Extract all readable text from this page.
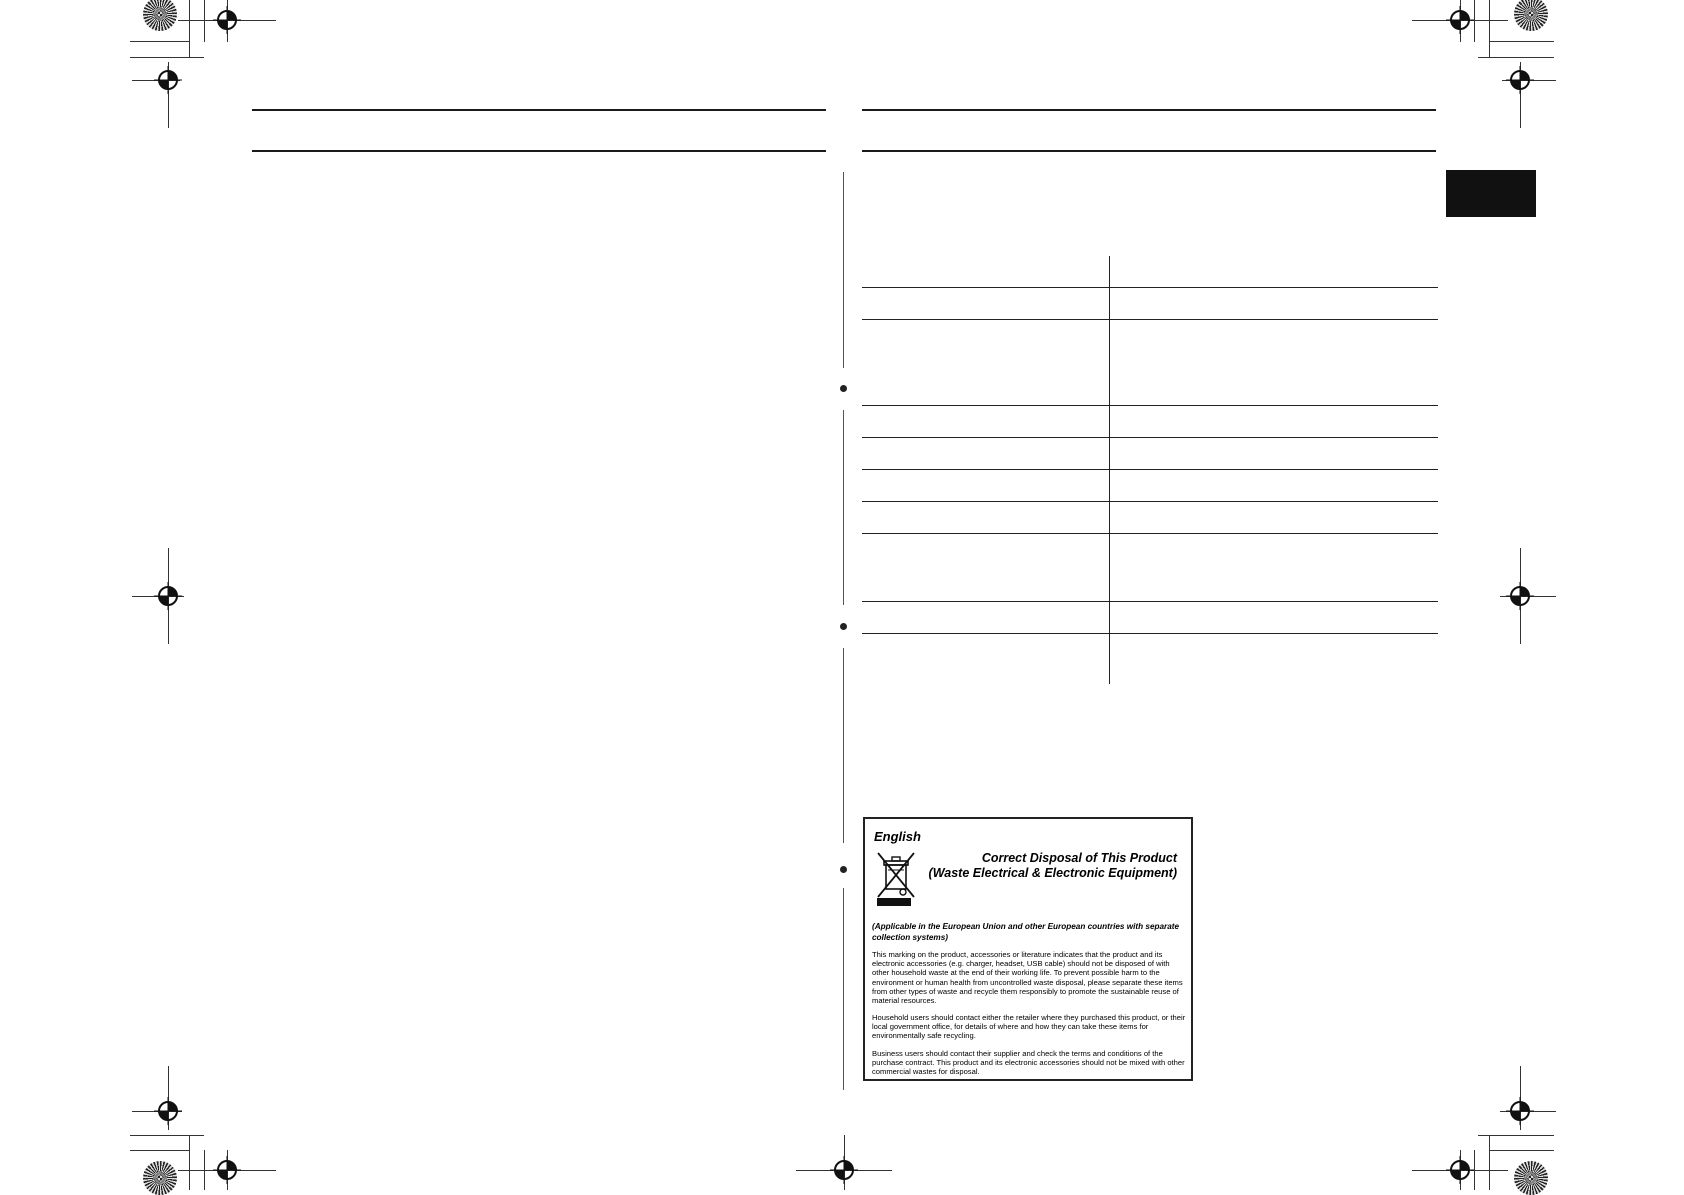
English
Correct Disposal of This Product
(Waste Electrical & Electronic Equipment)
(Applicable in the European Union and other European countries with separate collection systems)
This marking on the product, accessories or literature indicates that the product and its electronic accessories (e.g. charger, headset, USB cable) should not be disposed of with other household waste at the end of their working life. To prevent possible harm to the environment or human health from uncontrolled waste disposal, please separate these items from other types of waste and recycle them responsibly to promote the sustainable reuse of material resources.
Household users should contact either the retailer where they purchased this product, or their local government office, for details of where and how they can take these items for environmentally safe recycling.
Business users should contact their supplier and check the terms and conditions of the purchase contract. This product and its electronic accessories should not be mixed with other commercial wastes for disposal.
